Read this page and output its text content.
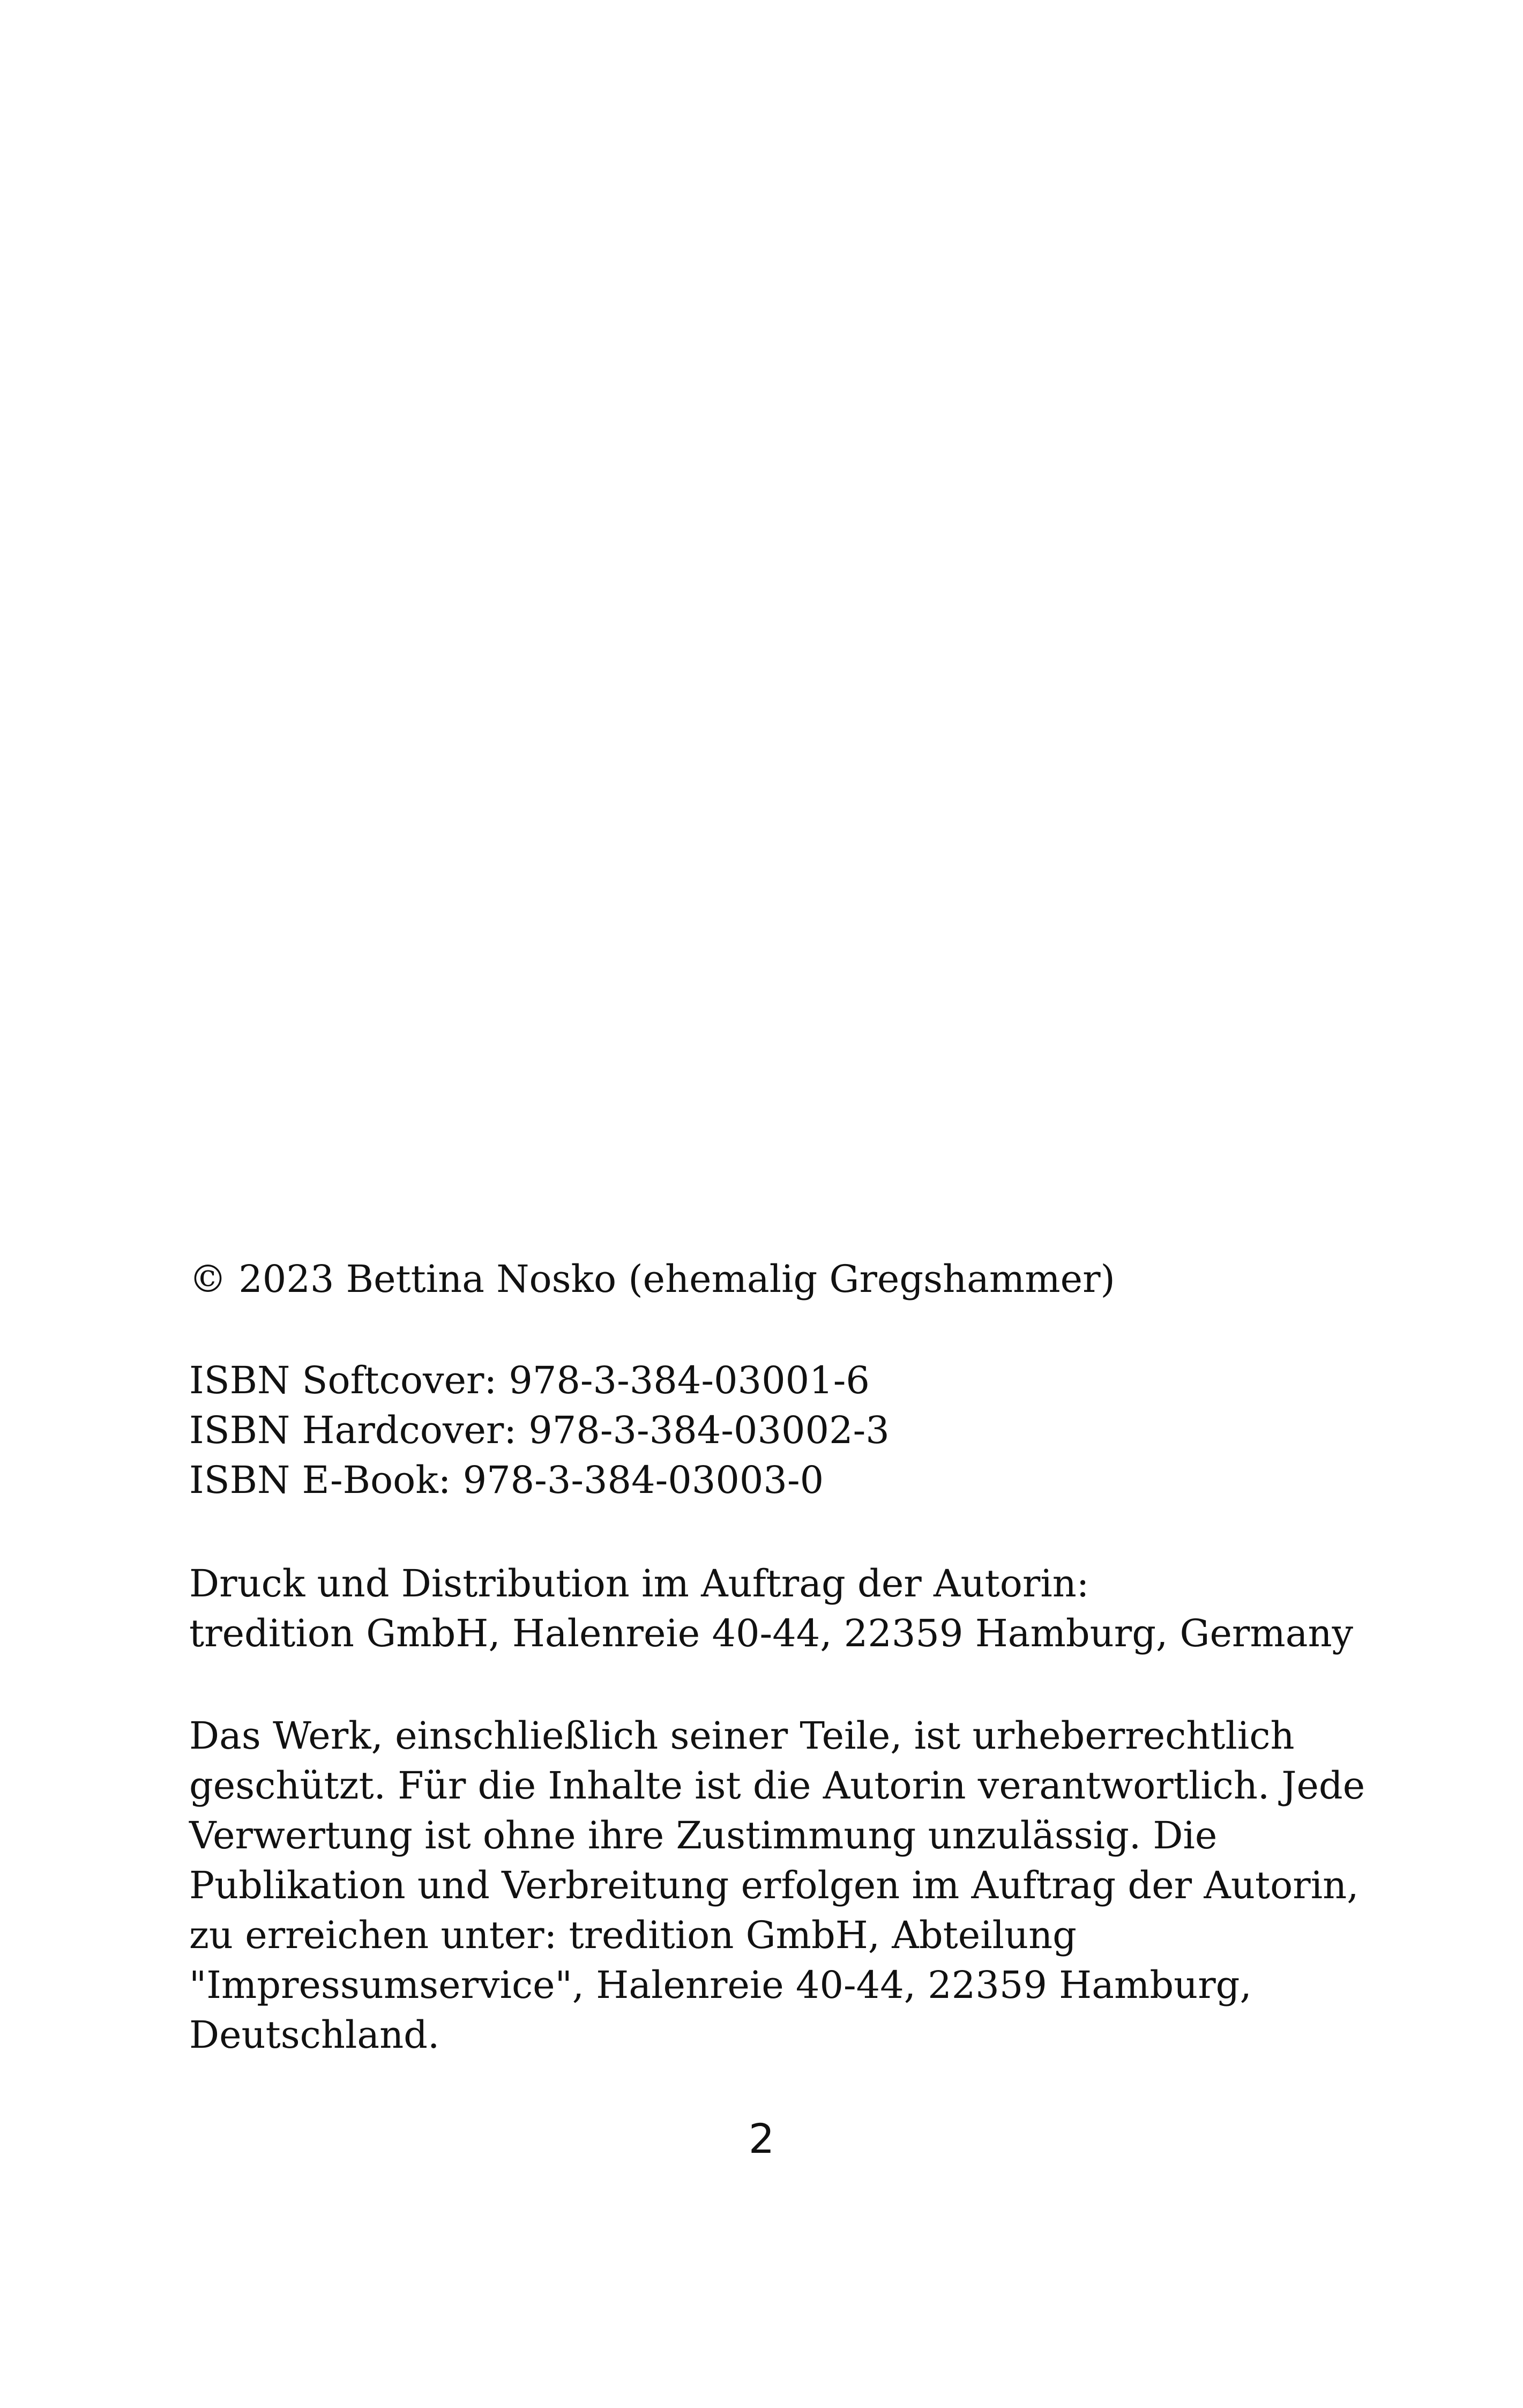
© 2023 Bettina Nosko (ehemalig Gregshammer)

ISBN Softcover: 978-3-384-03001-6
ISBN Hardcover: 978-3-384-03002-3
ISBN E-Book: 978-3-384-03003-0
Druck und Distribution im Auftrag der Autorin:
tredition GmbH, Halenreie 40-44, 22359 Hamburg, Germany
Das Werk, einschließlich seiner Teile, ist urheberrechtlich
geschützt. Für die Inhalte ist die Autorin verantwortlich. Jede
Verwertung ist ohne ihre Zustimmung unzulässig. Die
Publikation und Verbreitung erfolgen im Auftrag der Autorin,
zu erreichen unter: tredition GmbH, Abteilung
"Impressumservice", Halenreie 40-44, 22359 Hamburg,
Deutschland.
2
